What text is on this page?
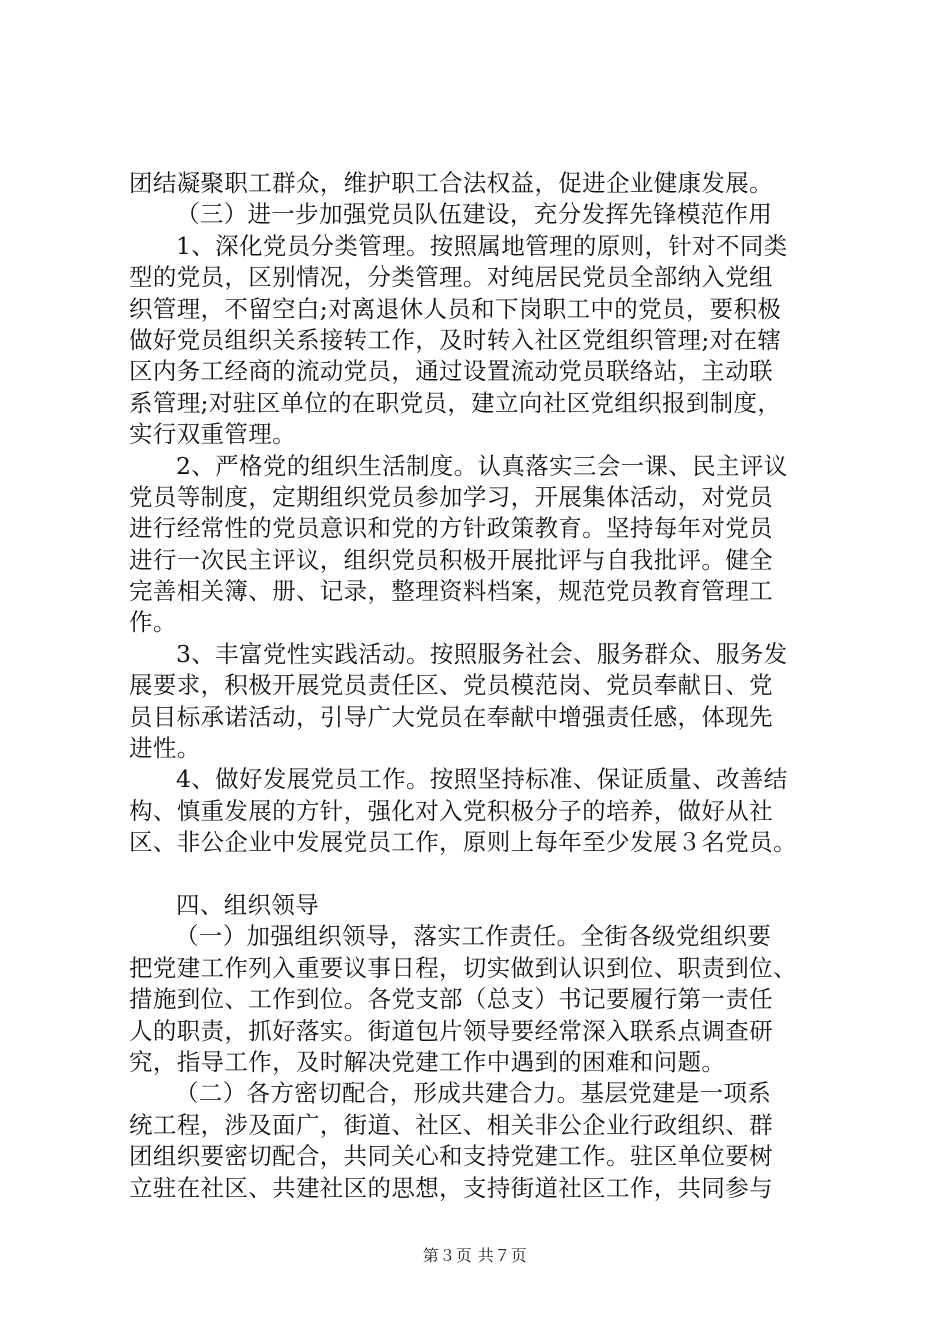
团结凝聚职工群众，维护职工合法权益，促进企业健康发展。
（三）进一步加强党员队伍建设，充分发挥先锋模范作用
1、深化党员分类管理。按照属地管理的原则，针对不同类
型的党员，区别情况，分类管理。对纯居民党员全部纳入党组
织管理，不留空白;对离退休人员和下岗职工中的党员，要积极
做好党员组织关系接转工作，及时转入社区党组织管理;对在辖
区内务工经商的流动党员，通过设置流动党员联络站，主动联
系管理;对驻区单位的在职党员，建立向社区党组织报到制度，
实行双重管理。
2、严格党的组织生活制度。认真落实三会一课、民主评议
党员等制度，定期组织党员参加学习，开展集体活动，对党员
进行经常性的党员意识和党的方针政策教育。坚持每年对党员
进行一次民主评议，组织党员积极开展批评与自我批评。健全
完善相关簿、册、记录，整理资料档案，规范党员教育管理工
作。
3、丰富党性实践活动。按照服务社会、服务群众、服务发
展要求，积极开展党员责任区、党员模范岗、党员奉献日、党
员目标承诺活动，引导广大党员在奉献中增强责任感，体现先
进性。
4、做好发展党员工作。按照坚持标准、保证质量、改善结
构、慎重发展的方针，强化对入党积极分子的培养，做好从社
区、非公企业中发展党员工作，原则上每年至少发展３名党员。
四、组织领导
（一）加强组织领导，落实工作责任。全街各级党组织要
把党建工作列入重要议事日程，切实做到认识到位、职责到位、
措施到位、工作到位。各党支部（总支）书记要履行第一责任
人的职责，抓好落实。街道包片领导要经常深入联系点调查研
究，指导工作，及时解决党建工作中遇到的困难和问题。
（二）各方密切配合，形成共建合力。基层党建是一项系
统工程，涉及面广，街道、社区、相关非公企业行政组织、群
团组织要密切配合，共同关心和支持党建工作。驻区单位要树
立驻在社区、共建社区的思想，支持街道社区工作，共同参与
第３页 共７页
